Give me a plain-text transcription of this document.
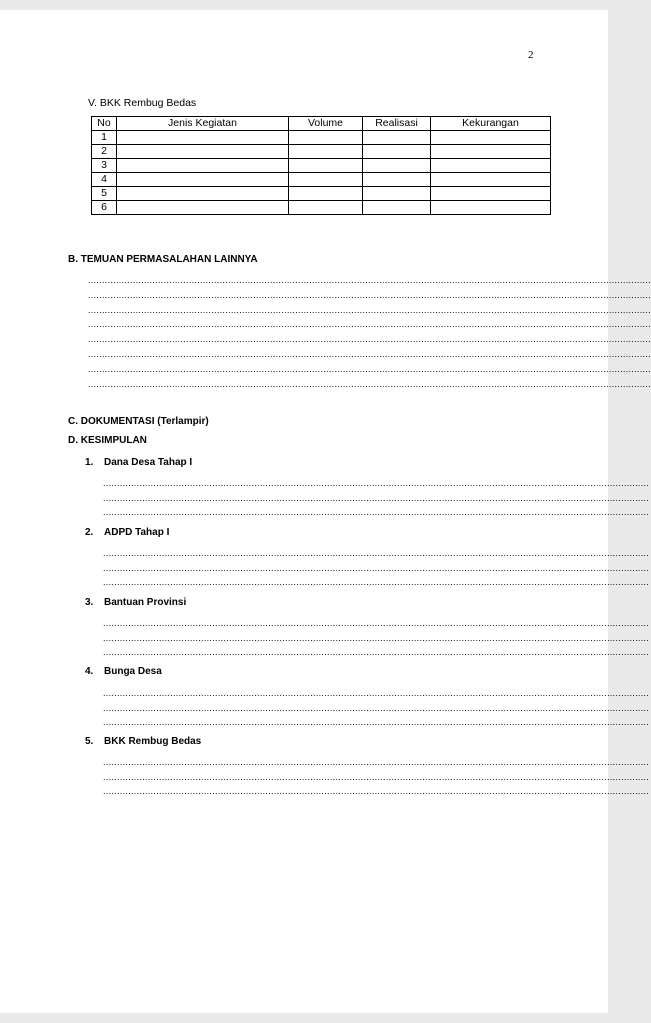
2
V. BKK Rembug Bedas
No	Jenis Kegiatan	Volume	Realisasi	Kekurangan
1				
2				
3				
4				
5				
6				
B. TEMUAN PERMASALAHAN LAINNYA
.........................................................................................................................................................................................................
.........................................................................................................................................................................................................
.........................................................................................................................................................................................................
.........................................................................................................................................................................................................
.........................................................................................................................................................................................................
.........................................................................................................................................................................................................
.........................................................................................................................................................................................................
.........................................................................................................................................................................................................
C. DOKUMENTASI (Terlampir)
D. KESIMPULAN
1. Dana Desa Tahap I
...................................................................................................................................................................................................
...................................................................................................................................................................................................
...................................................................................................................................................................................................
2. ADPD Tahap I
...................................................................................................................................................................................................
...................................................................................................................................................................................................
...................................................................................................................................................................................................
3. Bantuan Provinsi
...................................................................................................................................................................................................
...................................................................................................................................................................................................
...................................................................................................................................................................................................
4. Bunga Desa
...................................................................................................................................................................................................
...................................................................................................................................................................................................
...................................................................................................................................................................................................
5. BKK Rembug Bedas
...................................................................................................................................................................................................
...................................................................................................................................................................................................
...................................................................................................................................................................................................
